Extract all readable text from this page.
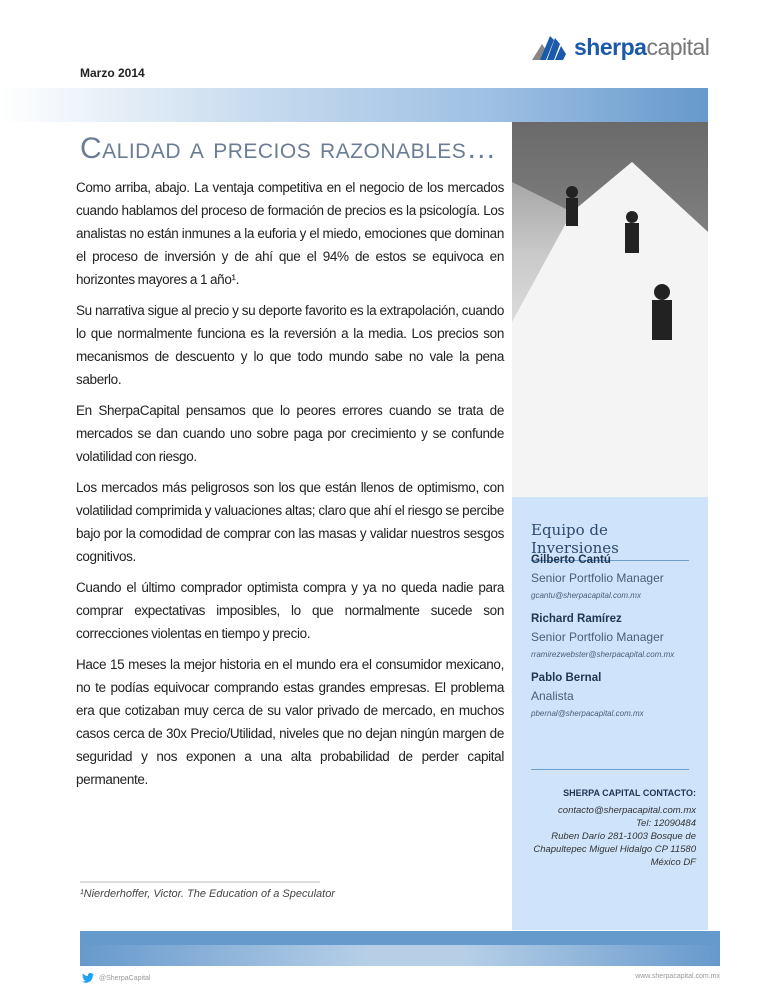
Marzo 2014
sherpa capital
Calidad a precios razonables…

Como arriba, abajo. La ventaja competitiva en el negocio de los mercados cuando hablamos del proceso de formación de precios es la psicología. Los analistas no están inmunes a la euforia y el miedo, emociones que dominan el proceso de inversión y de ahí que el 94% de estos se equivoca en horizontes mayores a 1 año¹.

Su narrativa sigue al precio y su deporte favorito es la extrapolación, cuando lo que normalmente funciona es la reversión a la media. Los precios son mecanismos de descuento y lo que todo mundo sabe no vale la pena saberlo.

En SherpaCapital pensamos que lo peores errores cuando se trata de mercados se dan cuando uno sobre paga por crecimiento y se confunde volatilidad con riesgo.

Los mercados más peligrosos son los que están llenos de optimismo, con volatilidad comprimida y valuaciones altas; claro que ahí el riesgo se percibe bajo por la comodidad de comprar con las masas y validar nuestros sesgos cognitivos.

Cuando el último comprador optimista compra y ya no queda nadie para comprar expectativas imposibles, lo que normalmente sucede son correcciones violentas en tiempo y precio.

Hace 15 meses la mejor historia en el mundo era el consumidor mexicano, no te podías equivocar comprando estas grandes empresas. El problema era que cotizaban muy cerca de su valor privado de mercado, en muchos casos cerca de 30x Precio/Utilidad, niveles que no dejan ningún margen de seguridad y nos exponen a una alta probabilidad de perder capital permanente.

Equipo de Inversiones
Gilberto Cantú
Senior Portfolio Manager
gcantu@sherpacapital.com.mx
Richard Ramírez
Senior Portfolio Manager
rramirezwebster@sherpacapital.com.mx
Pablo Bernal
Analista
pbernal@sherpacapital.com.mx
SHERPA CAPITAL CONTACTO:
contacto@sherpacapital.com.mx
Tel: 12090484
Ruben Darío 281-1003 Bosque de
Chapultepec Miguel Hidalgo CP 11580
México DF
¹Nierderhoffer, Victor. The Education of a Speculator
@SherpaCapital	www.sherpacapital.com.mx
